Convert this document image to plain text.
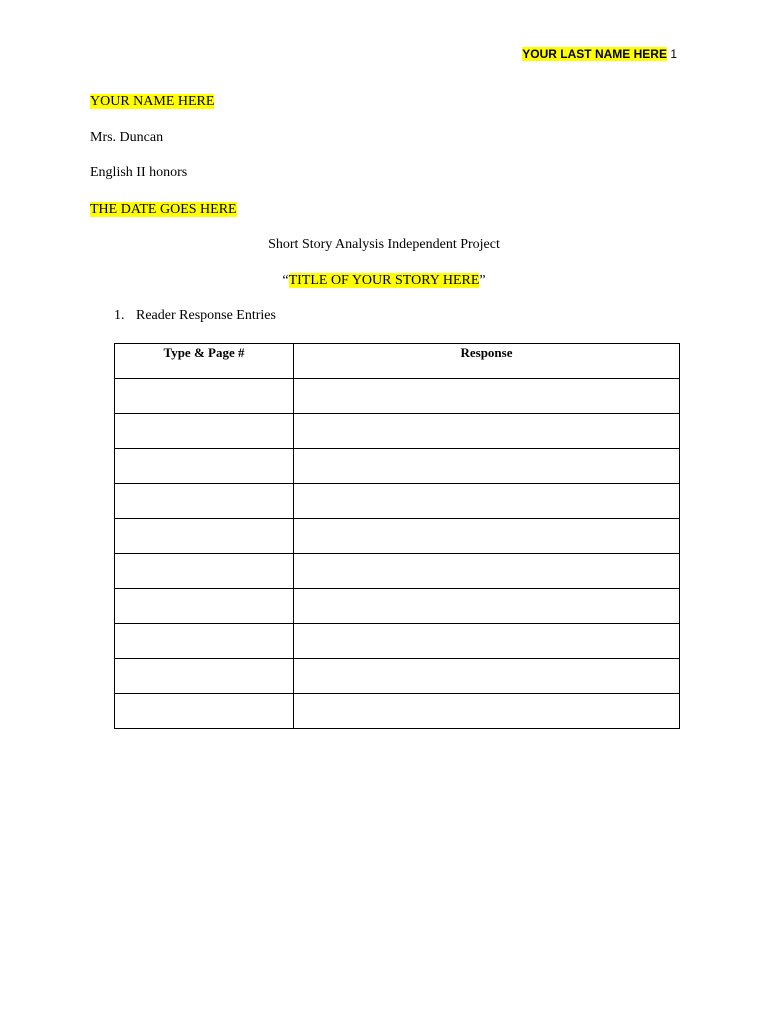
YOUR LAST NAME HERE 1
YOUR NAME HERE
Mrs. Duncan
English II honors
THE DATE GOES HERE
Short Story Analysis Independent Project
“TITLE OF YOUR STORY HERE”
1. Reader Response Entries
Type & Page #	Response
